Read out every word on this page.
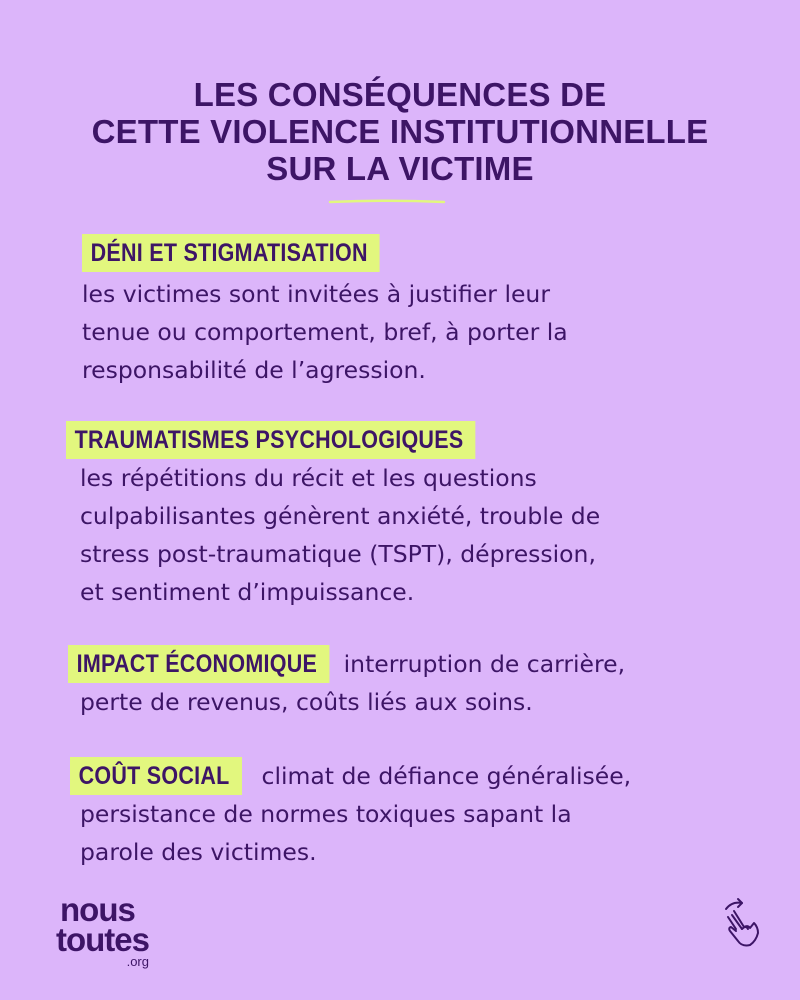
LES CONSÉQUENCES DE
CETTE VIOLENCE INSTITUTIONNELLE
SUR LA VICTIME
DÉNI ET STIGMATISATION
les victimes sont invitées à justifier leur
tenue ou comportement, bref, à porter la
responsabilité de l’agression.
TRAUMATISMES PSYCHOLOGIQUES
les répétitions du récit et les questions
culpabilisantes génèrent anxiété, trouble de
stress post-traumatique (TSPT), dépression,
et sentiment d’impuissance.
IMPACT ÉCONOMIQUE interruption de carrière,
perte de revenus, coûts liés aux soins.
COÛT SOCIAL climat de défiance généralisée,
persistance de normes toxiques sapant la
parole des victimes.
nous
toutes
.org
